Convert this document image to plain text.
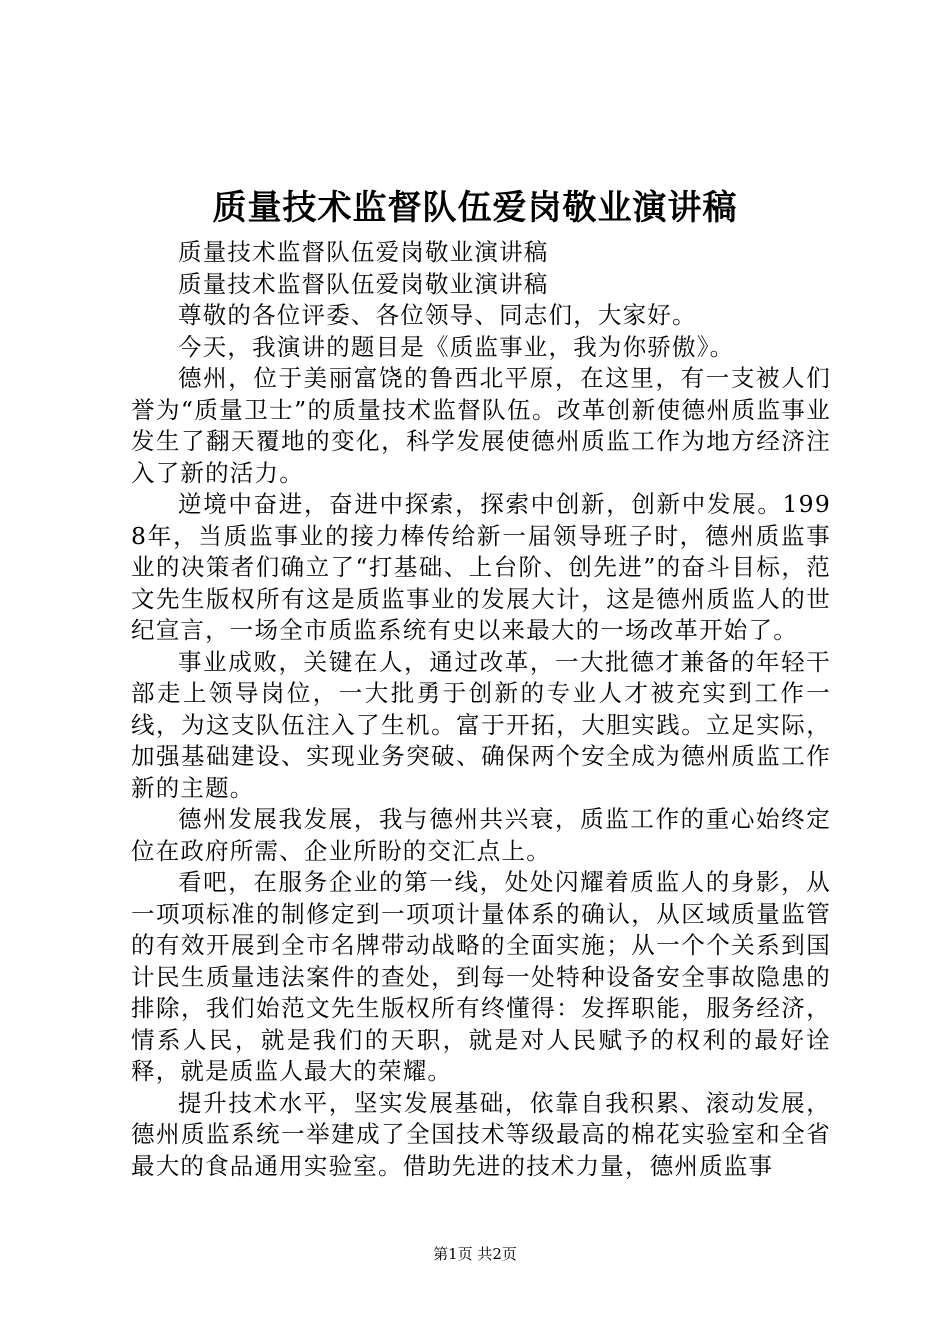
质量技术监督队伍爱岗敬业演讲稿

质量技术监督队伍爱岗敬业演讲稿

质量技术监督队伍爱岗敬业演讲稿

尊敬的各位评委、各位领导、同志们，大家好。

今天，我演讲的题目是《质监事业，我为你骄傲》。

德州，位于美丽富饶的鲁西北平原，在这里，有一支被人们誉为“质量卫士”的质量技术监督队伍。改革创新使德州质监事业发生了翻天覆地的变化，科学发展使德州质监工作为地方经济注入了新的活力。

逆境中奋进，奋进中探索，探索中创新，创新中发展。1998年，当质监事业的接力棒传给新一届领导班子时，德州质监事业的决策者们确立了“打基础、上台阶、创先进”的奋斗目标，范文先生版权所有这是质监事业的发展大计，这是德州质监人的世纪宣言，一场全市质监系统有史以来最大的一场改革开始了。

事业成败，关键在人，通过改革，一大批德才兼备的年轻干部走上领导岗位，一大批勇于创新的专业人才被充实到工作一线，为这支队伍注入了生机。富于开拓，大胆实践。立足实际，加强基础建设、实现业务突破、确保两个安全成为德州质监工作新的主题。

德州发展我发展，我与德州共兴衰，质监工作的重心始终定位在政府所需、企业所盼的交汇点上。

看吧，在服务企业的第一线，处处闪耀着质监人的身影，从一项项标准的制修定到一项项计量体系的确认，从区域质量监管的有效开展到全市名牌带动战略的全面实施；从一个个关系到国计民生质量违法案件的查处，到每一处特种设备安全事故隐患的排除，我们始范文先生版权所有终懂得：发挥职能，服务经济，情系人民，就是我们的天职，就是对人民赋予的权利的最好诠释，就是质监人最大的荣耀。

提升技术水平，坚实发展基础，依靠自我积累、滚动发展，德州质监系统一举建成了全国技术等级最高的棉花实验室和全省最大的食品通用实验室。借助先进的技术力量，德州质监事

第1页 共2页
